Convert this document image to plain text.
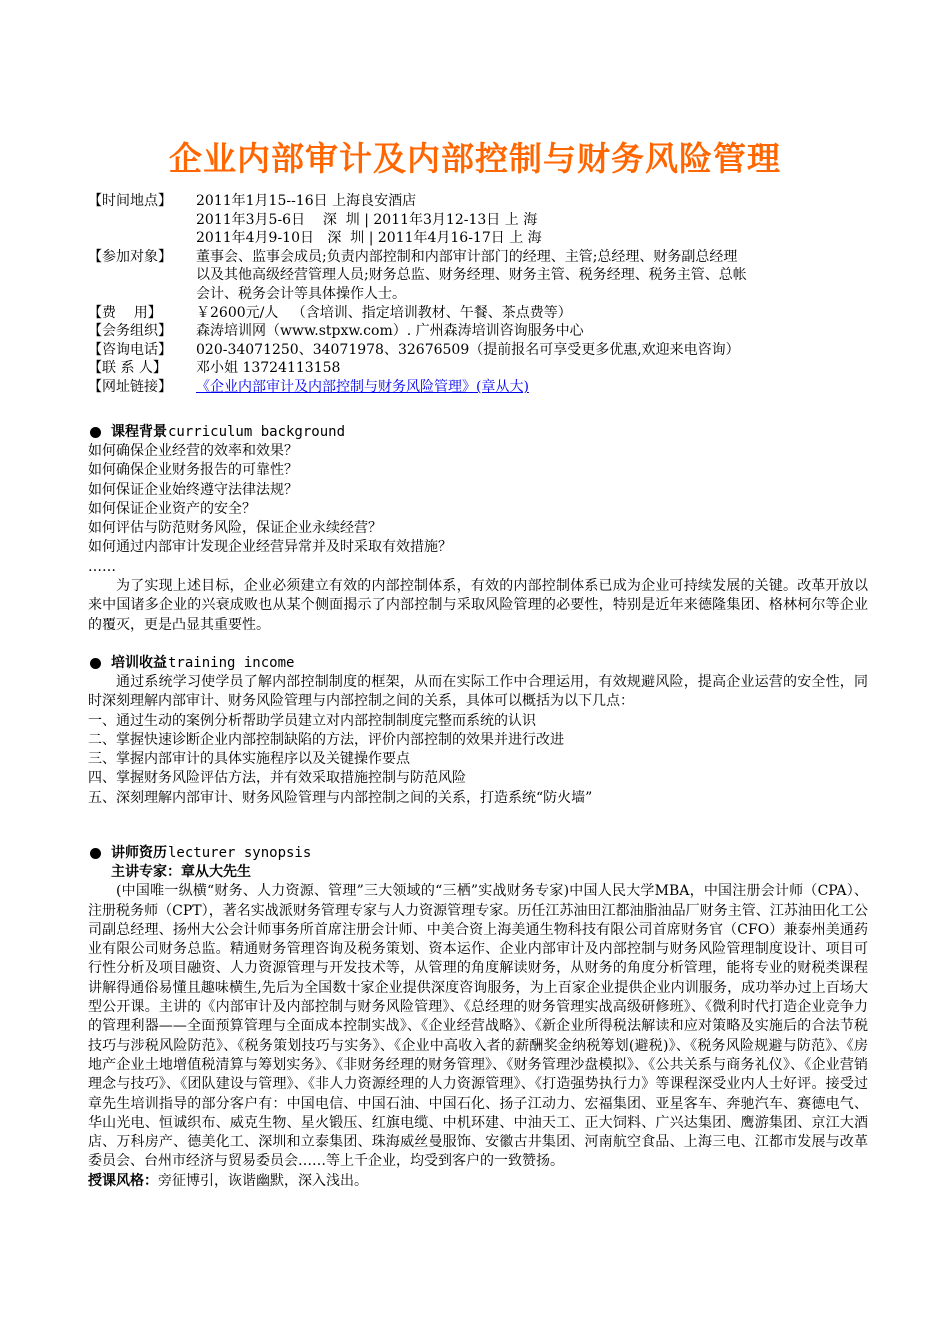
企业内部审计及内部控制与财务风险管理
【时间地点】	2011年1月15--16日 上海良安酒店
2011年3月5-6日    深  圳 | 2011年3月12-13日 上 海
2011年4月9-10日   深  圳 | 2011年4月16-17日 上 海
【参加对象】	董事会、监事会成员;负责内部控制和内部审计部门的经理、主管;总经理、财务副总经理
以及其他高级经营管理人员;财务总监、财务经理、财务主管、税务经理、税务主管、总帐
会计、税务会计等具体操作人士。
【费    用】	￥2600元/人   （含培训、指定培训教材、午餐、茶点费等）
【会务组织】	森涛培训网（www.stpxw.com）. 广州森涛培训咨询服务中心
【咨询电话】	020-34071250、34071978、32676509（提前报名可享受更多优惠,欢迎来电咨询）
【联 系 人】	邓小姐 13724113158
【网址链接】	《企业内部审计及内部控制与财务风险管理》(章从大)
课程背景 curriculum background
如何确保企业经营的效率和效果？
如何确保企业财务报告的可靠性？
如何保证企业始终遵守法律法规？
如何保证企业资产的安全？
如何评估与防范财务风险，保证企业永续经营？
如何通过内部审计发现企业经营异常并及时采取有效措施？
……
为了实现上述目标，企业必须建立有效的内部控制体系，有效的内部控制体系已成为企业可持续发展的关键。改革开放以来中国诸多企业的兴衰成败也从某个侧面揭示了内部控制与采取风险管理的必要性，特别是近年来德隆集团、格林柯尔等企业的覆灭，更是凸显其重要性。
培训收益 training income
通过系统学习使学员了解内部控制制度的框架，从而在实际工作中合理运用，有效规避风险，提高企业运营的安全性，同时深刻理解内部审计、财务风险管理与内部控制之间的关系，具体可以概括为以下几点：
一、通过生动的案例分析帮助学员建立对内部控制制度完整而系统的认识
二、掌握快速诊断企业内部控制缺陷的方法，评价内部控制的效果并进行改进
三、掌握内部审计的具体实施程序以及关键操作要点
四、掌握财务风险评估方法，并有效采取措施控制与防范风险
五、深刻理解内部审计、财务风险管理与内部控制之间的关系，打造系统“防火墙”
讲师资历 lecturer synopsis
主讲专家：章从大先生
(中国唯一纵横“财务、人力资源、管理”三大领域的“三栖”实战财务专家)中国人民大学MBA，中国注册会计师（CPA）、注册税务师（CPT），著名实战派财务管理专家与人力资源管理专家。历任江苏油田江都油脂油品厂财务主管、江苏油田化工公司副总经理、扬州大公会计师事务所首席注册会计师、中美合资上海美通生物科技有限公司首席财务官（CFO）兼泰州美通药业有限公司财务总监。精通财务管理咨询及税务策划、资本运作、企业内部审计及内部控制与财务风险管理制度设计、项目可行性分析及项目融资、人力资源管理与开发技术等，从管理的角度解读财务，从财务的角度分析管理，能将专业的财税类课程讲解得通俗易懂且趣味横生,先后为全国数十家企业提供深度咨询服务，为上百家企业提供企业内训服务，成功举办过上百场大型公开课。主讲的《内部审计及内部控制与财务风险管理》、《总经理的财务管理实战高级研修班》、《微利时代打造企业竞争力的管理利器——全面预算管理与全面成本控制实战》、《企业经营战略》、《新企业所得税法解读和应对策略及实施后的合法节税技巧与涉税风险防范》、《税务策划技巧与实务》、《企业中高收入者的薪酬奖金纳税筹划(避税)》、《税务风险规避与防范》、《房地产企业土地增值税清算与筹划实务》、《非财务经理的财务管理》、《财务管理沙盘模拟》、《公共关系与商务礼仪》、《企业营销理念与技巧》、《团队建设与管理》、《非人力资源经理的人力资源管理》、《打造强势执行力》等课程深受业内人士好评。接受过章先生培训指导的部分客户有：中国电信、中国石油、中国石化、扬子江动力、宏福集团、亚星客车、奔驰汽车、赛德电气、华山光电、恒诚织布、威克生物、星火锻压、红旗电缆、中机环建、中油天工、正大饲料、广兴达集团、鹰游集团、京江大酒店、万科房产、德美化工、深圳和立泰集团、珠海威丝曼服饰、安徽古井集团、河南航空食品、上海三电、江都市发展与改革委员会、台州市经济与贸易委员会……等上千企业，均受到客户的一致赞扬。
授课风格：旁征博引，诙谐幽默，深入浅出。
